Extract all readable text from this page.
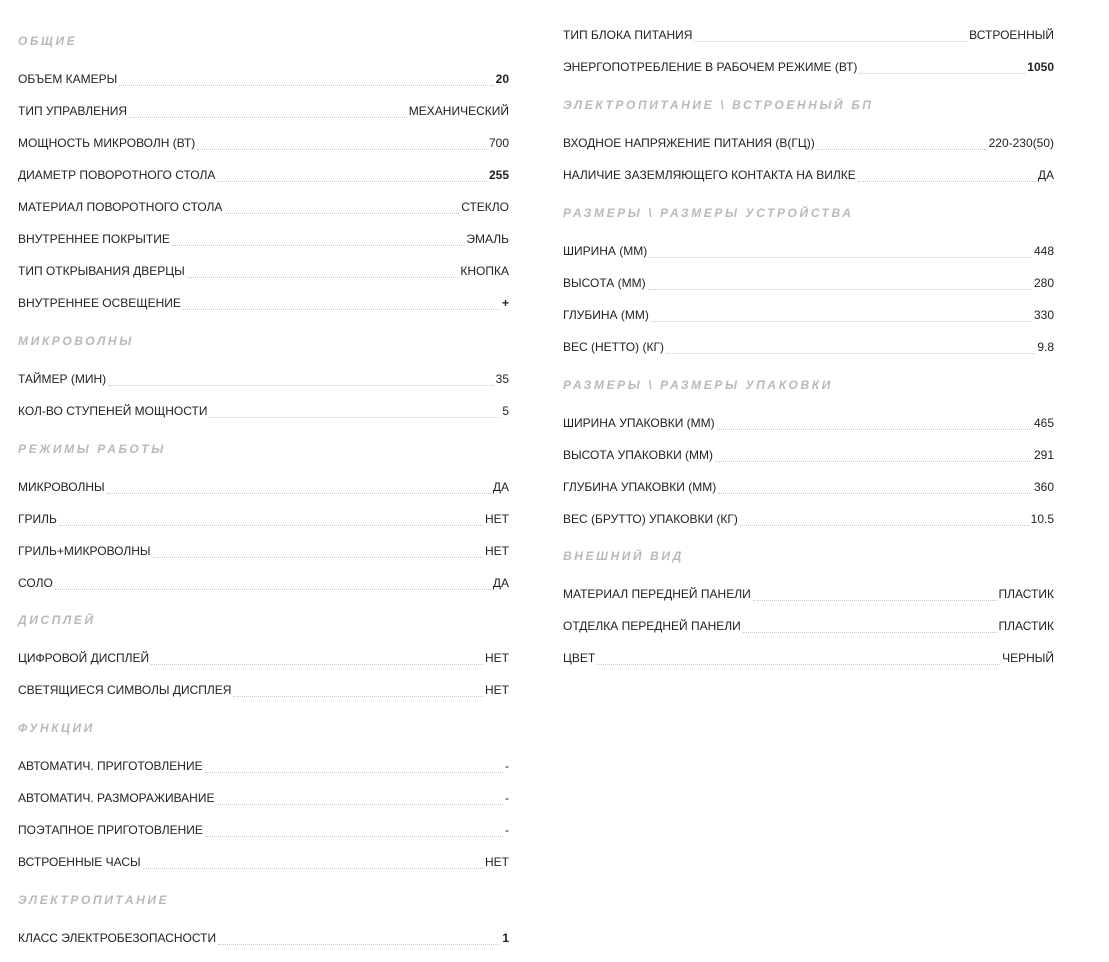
ОБЩИЕ
ОБЪЕМ КАМЕРЫ	20
ТИП УПРАВЛЕНИЯ	МЕХАНИЧЕСКИЙ
МОЩНОСТЬ МИКРОВОЛН (ВТ)	700
ДИАМЕТР ПОВОРОТНОГО СТОЛА	255
МАТЕРИАЛ ПОВОРОТНОГО СТОЛА	СТЕКЛО
ВНУТРЕННЕЕ ПОКРЫТИЕ	ЭМАЛЬ
ТИП ОТКРЫВАНИЯ ДВЕРЦЫ	КНОПКА
ВНУТРЕННЕЕ ОСВЕЩЕНИЕ	+
МИКРОВОЛНЫ
ТАЙМЕР (МИН)	35
КОЛ-ВО СТУПЕНЕЙ МОЩНОСТИ	5
РЕЖИМЫ РАБОТЫ
МИКРОВОЛНЫ	ДА
ГРИЛЬ	НЕТ
ГРИЛЬ+МИКРОВОЛНЫ	НЕТ
СОЛО	ДА
ДИСПЛЕЙ
ЦИФРОВОЙ ДИСПЛЕЙ	НЕТ
СВЕТЯЩИЕСЯ СИМВОЛЫ ДИСПЛЕЯ	НЕТ
ФУНКЦИИ
АВТОМАТИЧ. ПРИГОТОВЛЕНИЕ	-
АВТОМАТИЧ. РАЗМОРАЖИВАНИЕ	-
ПОЭТАПНОЕ ПРИГОТОВЛЕНИЕ	-
ВСТРОЕННЫЕ ЧАСЫ	НЕТ
ЭЛЕКТРОПИТАНИЕ
КЛАСС ЭЛЕКТРОБЕЗОПАСНОСТИ	1
ТИП БЛОКА ПИТАНИЯ	ВСТРОЕННЫЙ
ЭНЕРГОПОТРЕБЛЕНИЕ В РАБОЧЕМ РЕЖИМЕ (ВТ)	1050
ЭЛЕКТРОПИТАНИЕ \ ВСТРОЕННЫЙ БП
ВХОДНОЕ НАПРЯЖЕНИЕ ПИТАНИЯ (В(ГЦ))	220-230(50)
НАЛИЧИЕ ЗАЗЕМЛЯЮЩЕГО КОНТАКТА НА ВИЛКЕ	ДА
РАЗМЕРЫ \ РАЗМЕРЫ УСТРОЙСТВА
ШИРИНА (ММ)	448
ВЫСОТА (ММ)	280
ГЛУБИНА (ММ)	330
ВЕС (НЕТТО) (КГ)	9.8
РАЗМЕРЫ \ РАЗМЕРЫ УПАКОВКИ
ШИРИНА УПАКОВКИ (ММ)	465
ВЫСОТА УПАКОВКИ (ММ)	291
ГЛУБИНА УПАКОВКИ (ММ)	360
ВЕС (БРУТТО) УПАКОВКИ (КГ)	10.5
ВНЕШНИЙ ВИД
МАТЕРИАЛ ПЕРЕДНЕЙ ПАНЕЛИ	ПЛАСТИК
ОТДЕЛКА ПЕРЕДНЕЙ ПАНЕЛИ	ПЛАСТИК
ЦВЕТ	ЧЕРНЫЙ
